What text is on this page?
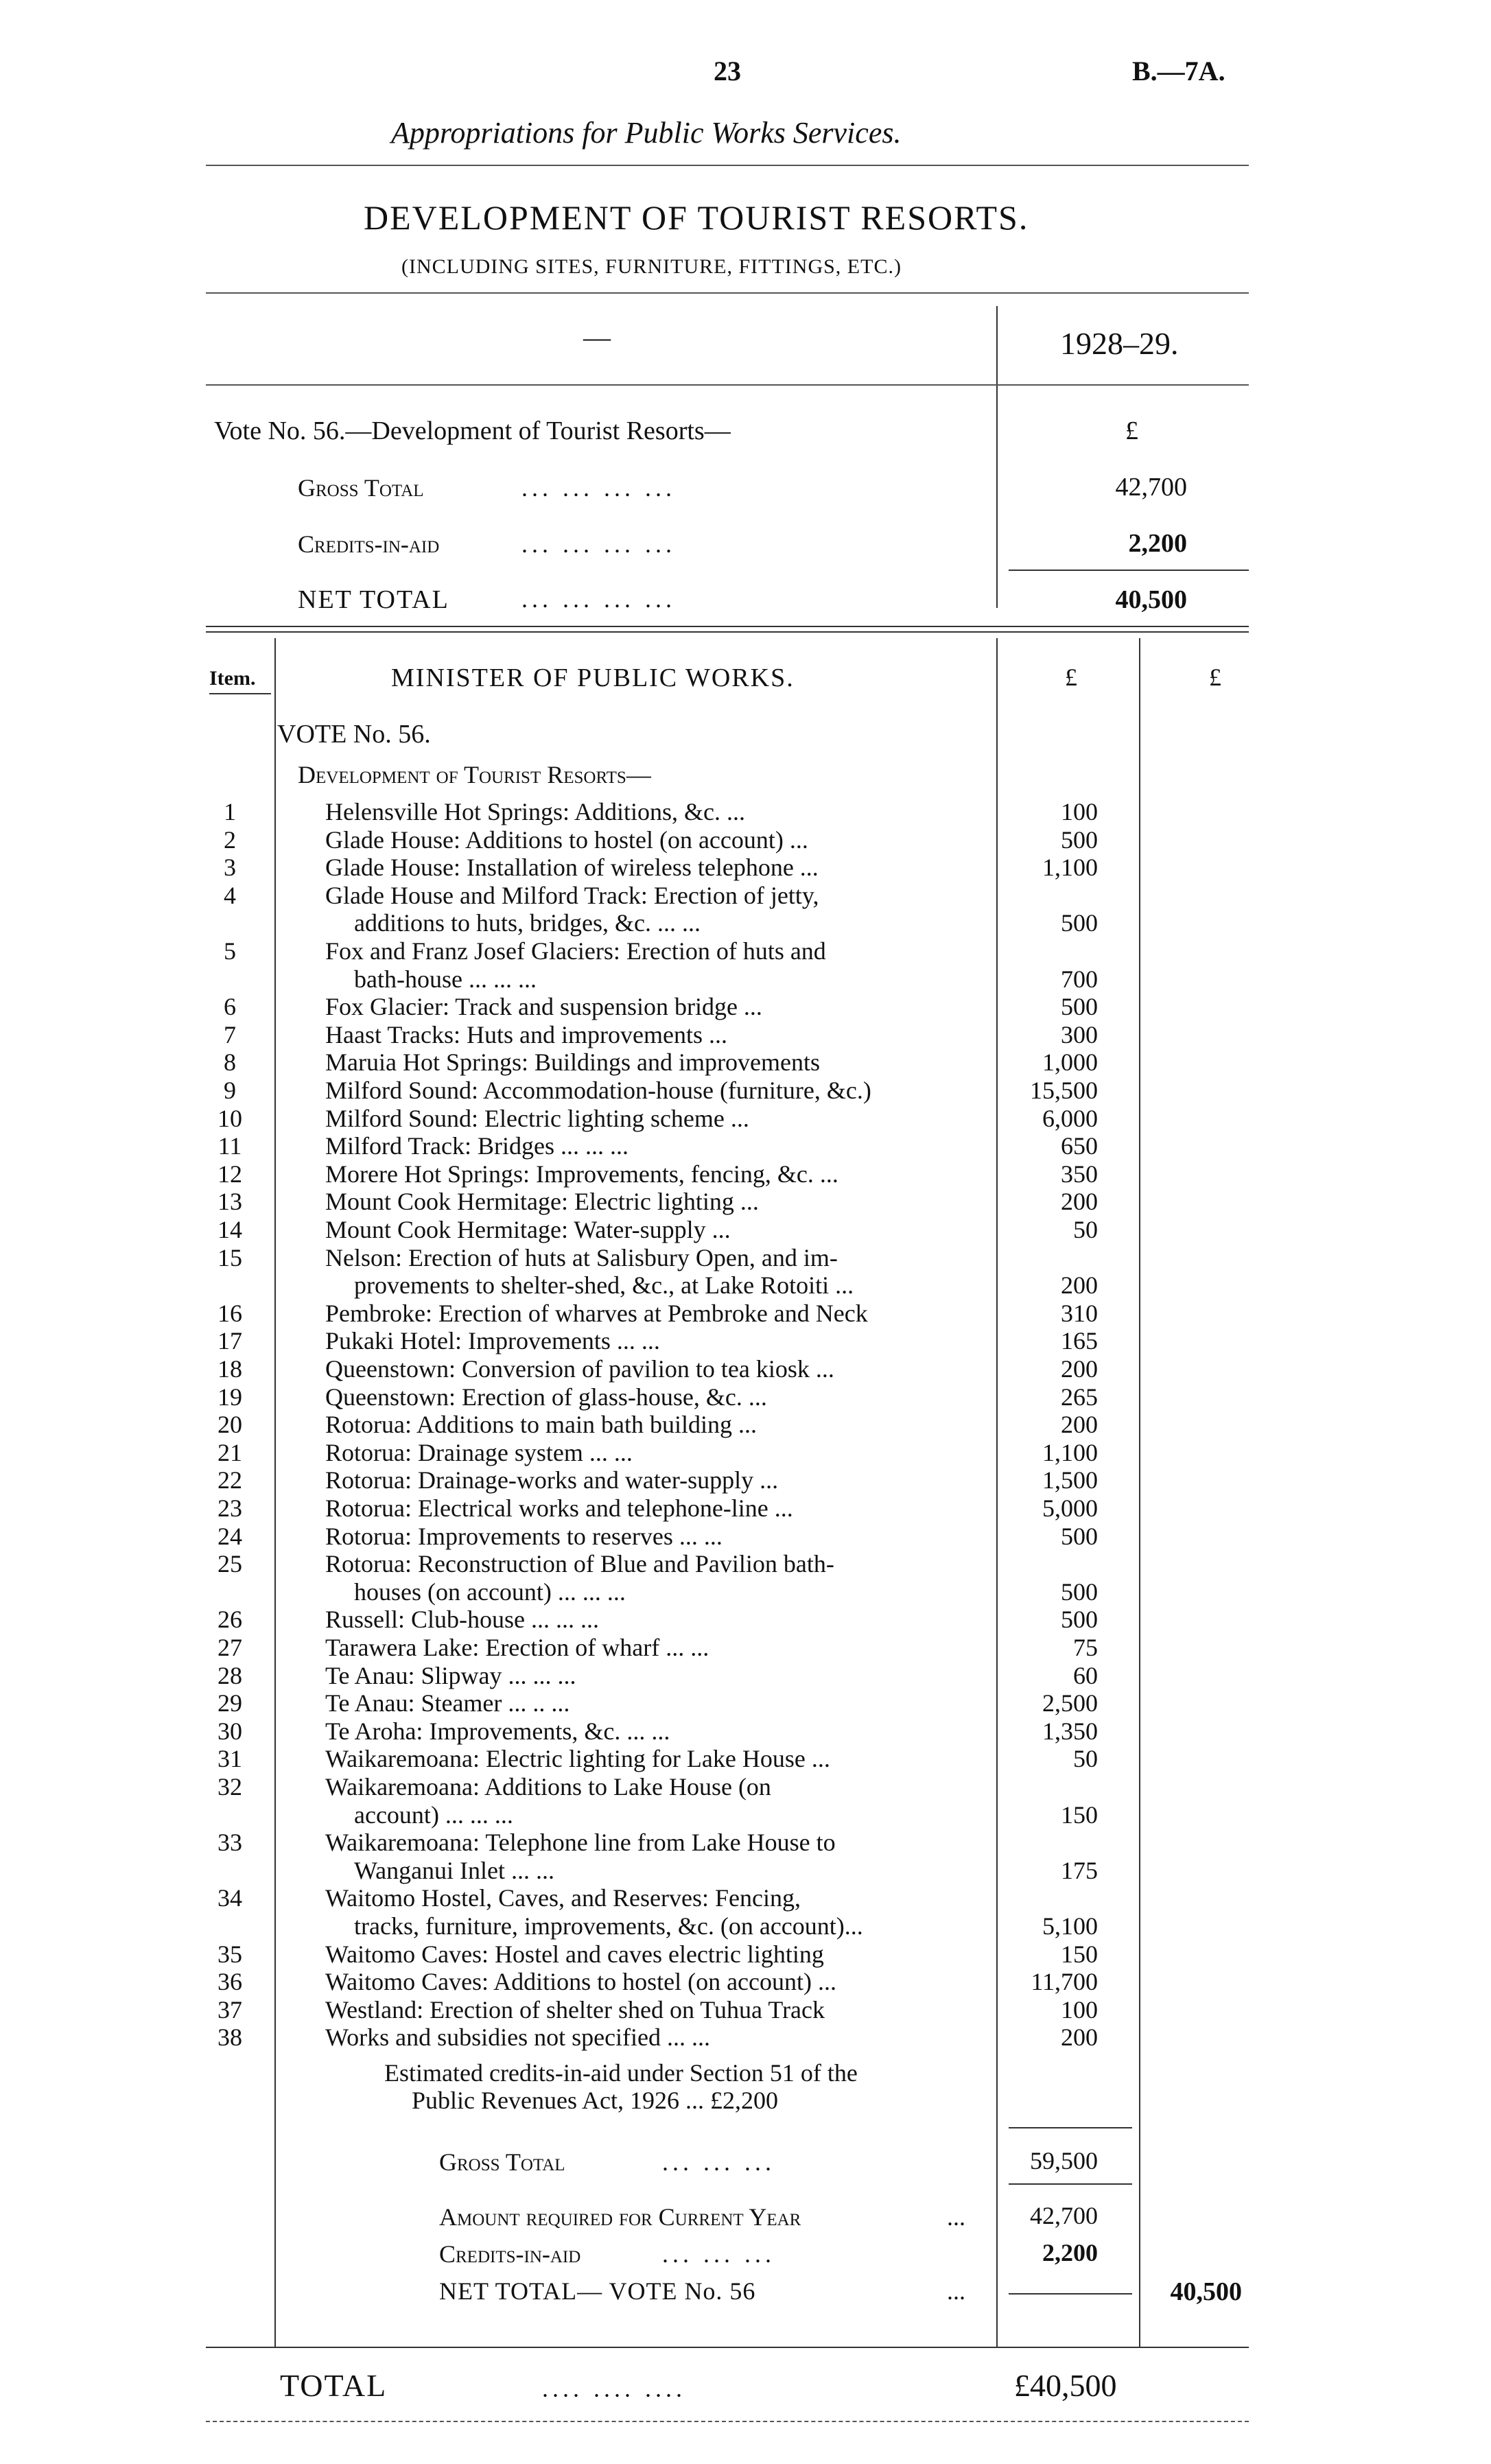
23	B.—7A.
Appropriations for Public Works Services.
DEVELOPMENT OF TOURIST RESORTS.
(INCLUDING SITES, FURNITURE, FITTINGS, ETC.)
—	1928–29.
Vote No. 56.—Development of Tourist Resorts—	£
Gross Total	... ... ... ...	42,700
Credits-in-aid	... ... ... ...	2,200
NET TOTAL	... ... ... ...	40,500
Item.	MINISTER OF PUBLIC WORKS.	£	£
VOTE No. 56.
Development of Tourist Resorts—
1	Helensville Hot Springs: Additions, &c. ...	100
2	Glade House: Additions to hostel (on account) ...	500
3	Glade House: Installation of wireless telephone ...	1,100
4	Glade House and Milford Track: Erection of jetty,
additions to huts, bridges, &c. ... ...	500
5	Fox and Franz Josef Glaciers: Erection of huts and
bath-house ... ... ...	700
6	Fox Glacier: Track and suspension bridge ...	500
7	Haast Tracks: Huts and improvements ...	300
8	Maruia Hot Springs: Buildings and improvements	1,000
9	Milford Sound: Accommodation-house (furniture, &c.)	15,500
10	Milford Sound: Electric lighting scheme ...	6,000
11	Milford Track: Bridges ... ... ...	650
12	Morere Hot Springs: Improvements, fencing, &c. ...	350
13	Mount Cook Hermitage: Electric lighting ...	200
14	Mount Cook Hermitage: Water-supply ...	50
15	Nelson: Erection of huts at Salisbury Open, and im-
provements to shelter-shed, &c., at Lake Rotoiti ...	200
16	Pembroke: Erection of wharves at Pembroke and Neck	310
17	Pukaki Hotel: Improvements ... ...	165
18	Queenstown: Conversion of pavilion to tea kiosk ...	200
19	Queenstown: Erection of glass-house, &c. ...	265
20	Rotorua: Additions to main bath building ...	200
21	Rotorua: Drainage system ... ...	1,100
22	Rotorua: Drainage-works and water-supply ...	1,500
23	Rotorua: Electrical works and telephone-line ...	5,000
24	Rotorua: Improvements to reserves ... ...	500
25	Rotorua: Reconstruction of Blue and Pavilion bath-
houses (on account) ... ... ...	500
26	Russell: Club-house ... ... ...	500
27	Tarawera Lake: Erection of wharf ... ...	75
28	Te Anau: Slipway ... ... ...	60
29	Te Anau: Steamer ... .. ...	2,500
30	Te Aroha: Improvements, &c. ... ...	1,350
31	Waikaremoana: Electric lighting for Lake House ...	50
32	Waikaremoana: Additions to Lake House (on
account) ... ... ...	150
33	Waikaremoana: Telephone line from Lake House to
Wanganui Inlet ... ...	175
34	Waitomo Hostel, Caves, and Reserves: Fencing,
tracks, furniture, improvements, &c. (on account)...	5,100
35	Waitomo Caves: Hostel and caves electric lighting	150
36	Waitomo Caves: Additions to hostel (on account) ...	11,700
37	Westland: Erection of shelter shed on Tuhua Track	100
38	Works and subsidies not specified ... ...	200
Estimated credits-in-aid under Section 51 of the
Public Revenues Act, 1926 ... £2,200
Gross Total	... ... ...	59,500
Amount required for Current Year	...	42,700
Credits-in-aid	... ... ...	2,200
NET TOTAL— VOTE No. 56	...	40,500
TOTAL	.... .... ....	£40,500
